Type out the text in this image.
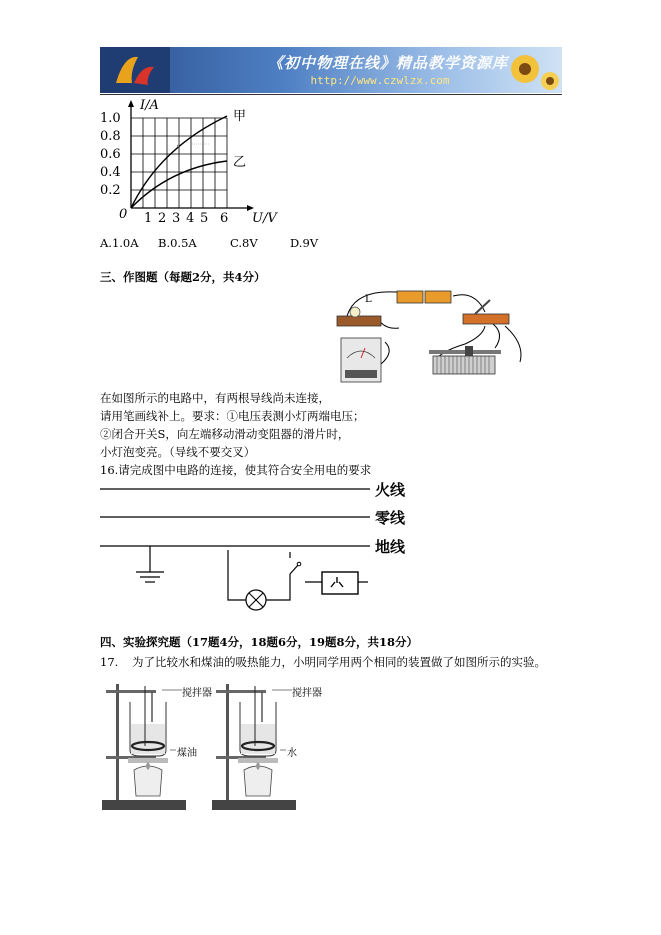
《初中物理在线》精品教学资源库
http://www.czwlzx.com
I/A
1.0
0.8
0.6
0.4
0.2
0 1 2 3 4 5 6 U/V
甲
乙
A.1.0A B.0.5A	C.8V	D.9V
三、作图题（每题2分，共4分）
L
在如图所示的电路中，有两根导线尚未连接，
请用笔画线补上。要求：①电压表测小灯两端电压；
②闭合开关S，向左端移动滑动变阻器的滑片时，
小灯泡变亮。（导线不要交叉）
16.请完成图中电路的连接，使其符合安全用电的要求
火线
零线
地线
四、实验探究题（17题4分，18题6分，19题8分，共18分）
17. 为了比较水和煤油的吸热能力，小明同学用两个相同的装置做了如图所示的实验。
搅拌器
煤油
搅拌器
水
